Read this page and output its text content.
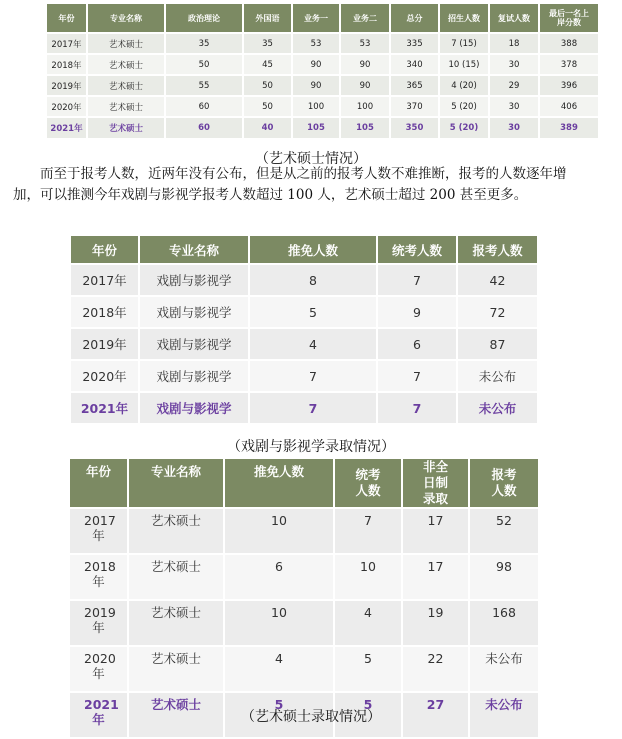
年份	专业名称	政治理论	外国语	业务一	业务二	总分	招生人数	复试人数	最后一名上岸分数
2017年	艺术硕士	35	35	53	53	335	7 (15)	18	388
2018年	艺术硕士	50	45	90	90	340	10 (15)	30	378
2019年	艺术硕士	55	50	90	90	365	4 (20)	29	396
2020年	艺术硕士	60	50	100	100	370	5 (20)	30	406
2021年	艺术硕士	60	40	105	105	350	5 (20)	30	389
（艺术硕士情况）

而至于报考人数，近两年没有公布，但是从之前的报考人数不难推断，报考的人数逐年增加，可以推测今年戏剧与影视学报考人数超过 100 人，艺术硕士超过 200 甚至更多。

年份	专业名称	推免人数	统考人数	报考人数
2017年	戏剧与影视学	8	7	42
2018年	戏剧与影视学	5	9	72
2019年	戏剧与影视学	4	6	87
2020年	戏剧与影视学	7	7	未公布
2021年	戏剧与影视学	7	7	未公布
（戏剧与影视学录取情况）
年份	专业名称	推免人数	统考人数	非全日制录取	报考人数
2017年	艺术硕士	10	7	17	52
2018年	艺术硕士	6	10	17	98
2019年	艺术硕士	10	4	19	168
2020年	艺术硕士	4	5	22	未公布
2021年	艺术硕士	5	5	27	未公布
（艺术硕士录取情况）
